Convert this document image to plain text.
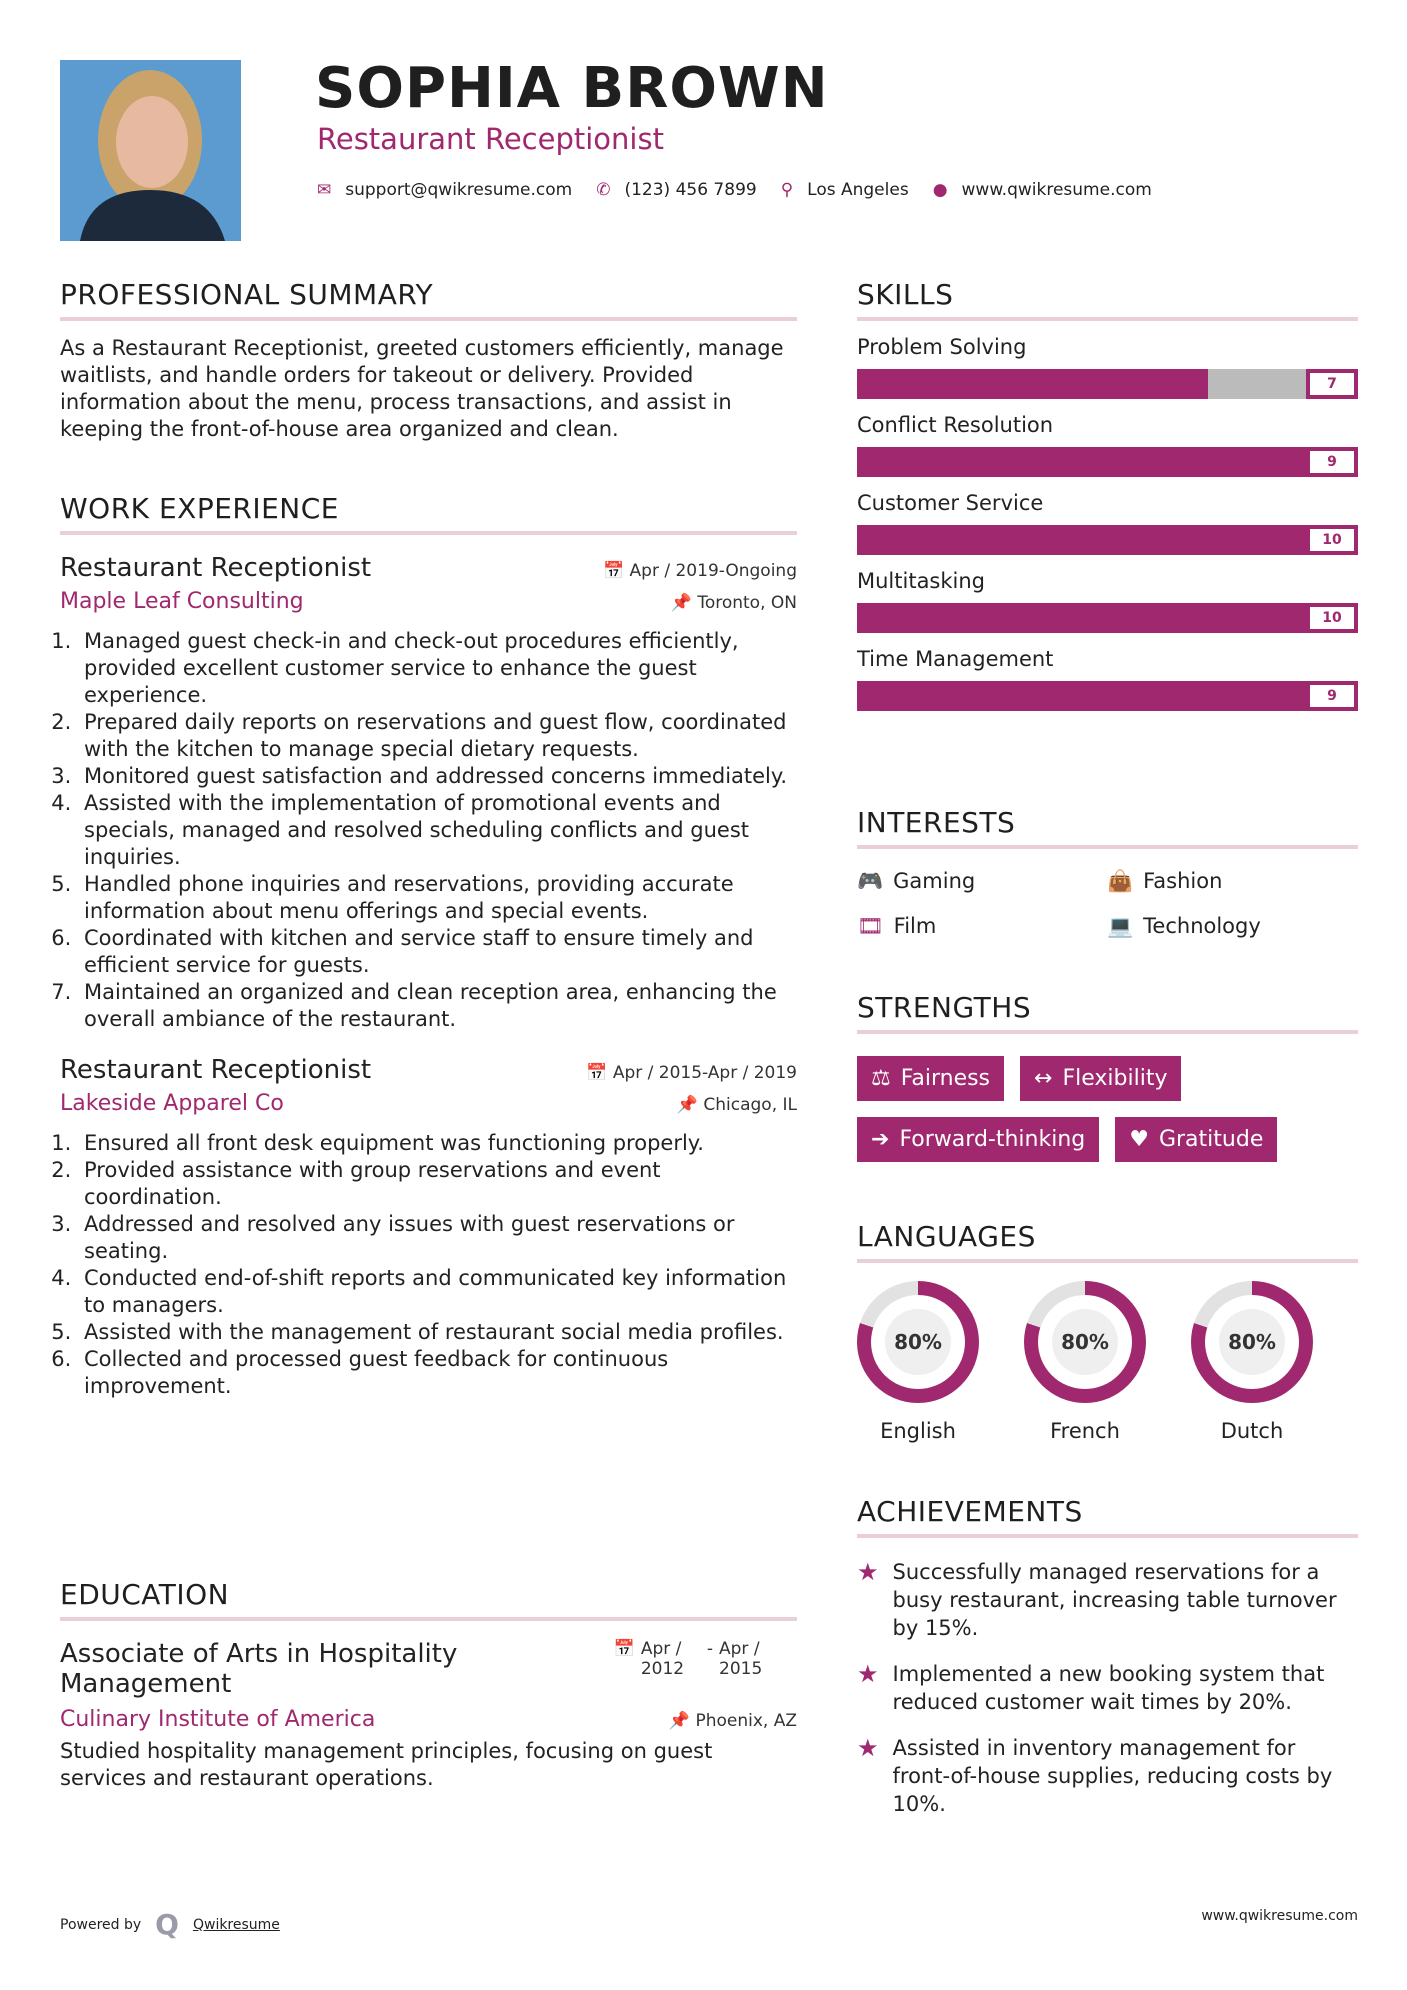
SOPHIA BROWN
Restaurant Receptionist
✉ support@qwikresume.com ✆ (123) 456 7899 ⚲ Los Angeles ● www.qwikresume.com
PROFESSIONAL SUMMARY

As a Restaurant Receptionist, greeted customers efficiently, manage waitlists, and handle orders for takeout or delivery. Provided information about the menu, process transactions, and assist in keeping the front-of-house area organized and clean.

WORK EXPERIENCE
Restaurant Receptionist	📅 Apr / 2019-Ongoing
Maple Leaf Consulting	📌 Toronto, ON
1. Managed guest check-in and check-out procedures efficiently, provided excellent customer service to enhance the guest experience.
2. Prepared daily reports on reservations and guest flow, coordinated with the kitchen to manage special dietary requests.
3. Monitored guest satisfaction and addressed concerns immediately.
4. Assisted with the implementation of promotional events and specials, managed and resolved scheduling conflicts and guest inquiries.
5. Handled phone inquiries and reservations, providing accurate information about menu offerings and special events.
6. Coordinated with kitchen and service staff to ensure timely and efficient service for guests.
7. Maintained an organized and clean reception area, enhancing the overall ambiance of the restaurant.
Restaurant Receptionist	📅 Apr / 2015-Apr / 2019
Lakeside Apparel Co	📌 Chicago, IL
1. Ensured all front desk equipment was functioning properly.
2. Provided assistance with group reservations and event coordination.
3. Addressed and resolved any issues with guest reservations or seating.
4. Conducted end-of-shift reports and communicated key information to managers.
5. Assisted with the management of restaurant social media profiles.
6. Collected and processed guest feedback for continuous improvement.
EDUCATION
Associate of Arts in Hospitality Management
📅 Apr / 2012
- Apr / 2015
Culinary Institute of America	📌 Phoenix, AZ

Studied hospitality management principles, focusing on guest services and restaurant operations.

SKILLS
Problem Solving
7
Conflict Resolution
9
Customer Service
10
Multitasking
10
Time Management
9
INTERESTS
🎮 Gaming	👜 Fashion
🎞 Film	💻 Technology
STRENGTHS
⚖ Fairness ↔ Flexibility
➔ Forward-thinking ♥ Gratitude
LANGUAGES
80%
English
80%
French
80%
Dutch
ACHIEVEMENTS
★ Successfully managed reservations for a busy restaurant, increasing table turnover by 15%.
★ Implemented a new booking system that reduced customer wait times by 20%.
★ Assisted in inventory management for front-of-house supplies, reducing costs by 10%.
Powered by Q Qwikresume
www.qwikresume.com
